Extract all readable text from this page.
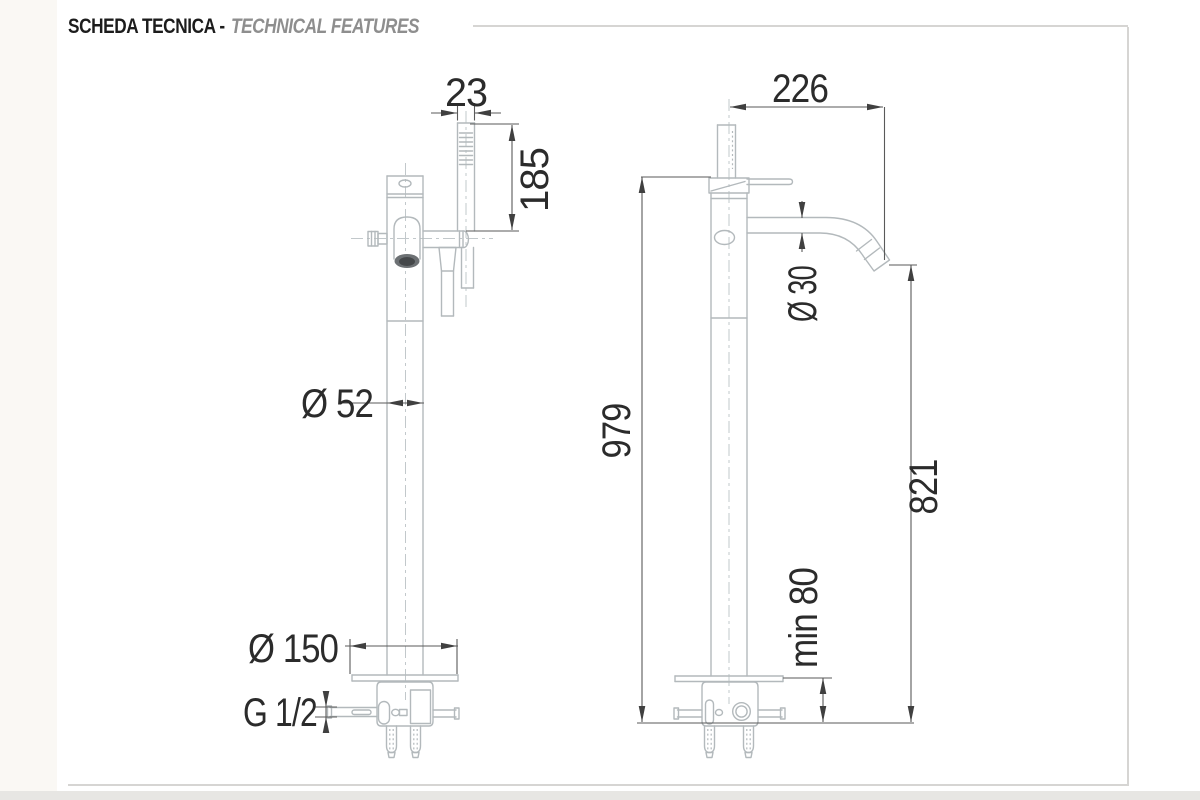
SCHEDA TECNICA - TECHNICAL FEATURES
23
185
Ø 52
Ø 150
G 1/2
226
Ø 30
979
821
min 80
